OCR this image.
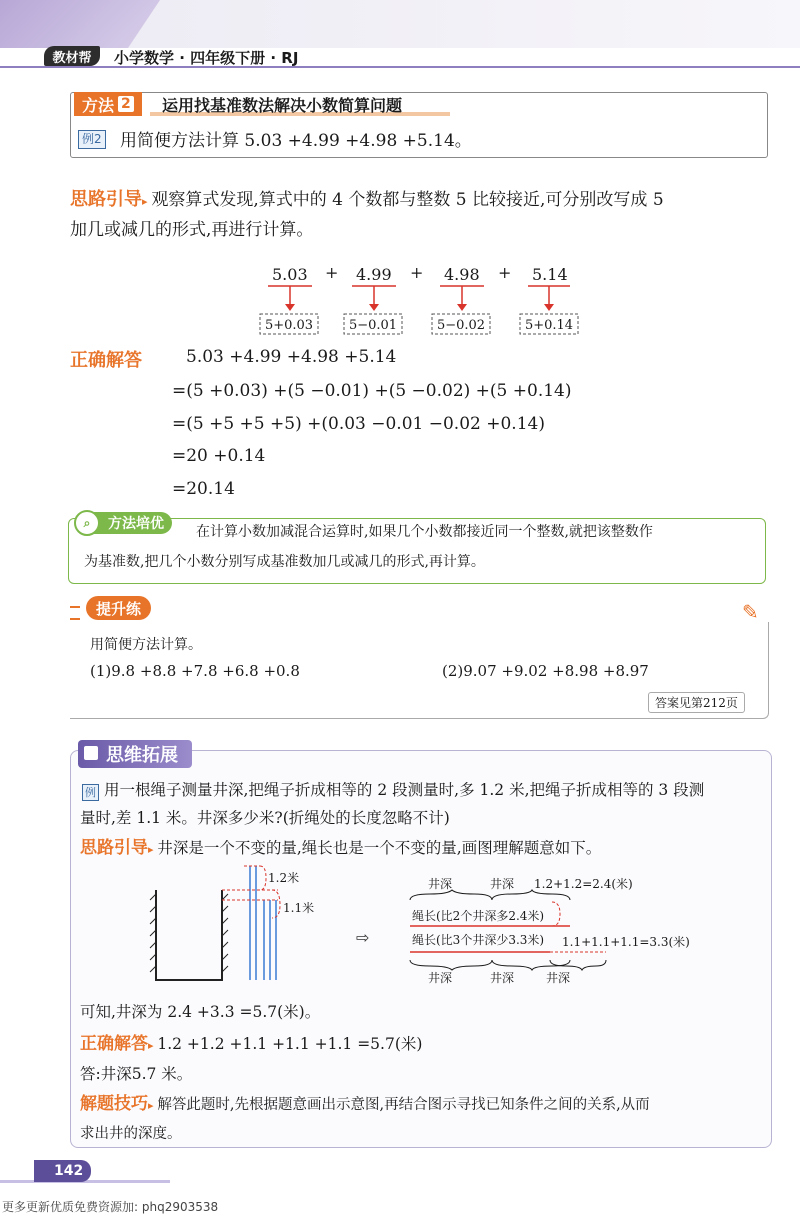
教材帮	小学数学 · 四年级下册 · RJ
方法 2 运用找基准数法解决小数简算问题
例2 用简便方法计算 5.03 +4.99 +4.98 +5.14。
思路引导▸ 观察算式发现,算式中的 4 个数都与整数 5 比较接近,可分别改写成 5
加几或减几的形式,再进行计算。
5.03 + 4.99 + 4.98 + 5.14
5+0.03	5−0.01	5−0.02	5+0.14
正确解答	5.03 +4.99 +4.98 +5.14
=(5 +0.03) +(5 −0.01) +(5 −0.02) +(5 +0.14)
=(5 +5 +5 +5) +(0.03 −0.01 −0.02 +0.14)
=20 +0.14
=20.14
方法培优
⌕
在计算小数加减混合运算时,如果几个小数都接近同一个整数,就把该整数作
为基准数,把几个小数分别写成基准数加几或减几的形式,再计算。
提升练	✎
用简便方法计算。
(1)9.8 +8.8 +7.8 +6.8 +0.8	(2)9.07 +9.02 +8.98 +8.97
答案见第212页
思维拓展
例 用一根绳子测量井深,把绳子折成相等的 2 段测量时,多 1.2 米,把绳子折成相等的 3 段测
量时,差 1.1 米。井深多少米?(折绳处的长度忽略不计)
思路引导▸ 井深是一个不变的量,绳长也是一个不变的量,画图理解题意如下。
1.2米
1.1米
⇨
井深	井深 1.2+1.2=2.4(米)
绳长(比2个井深多2.4米)
绳长(比3个井深少3.3米) 1.1+1.1+1.1=3.3(米)
井深	井深	井深
可知,井深为 2.4 +3.3 =5.7(米)。
正确解答▸ 1.2 +1.2 +1.1 +1.1 +1.1 =5.7(米)
答:井深5.7 米。
解题技巧▸ 解答此题时,先根据题意画出示意图,再结合图示寻找已知条件之间的关系,从而
求出井的深度。
142
更多更新优质免费资源加: phq2903538
